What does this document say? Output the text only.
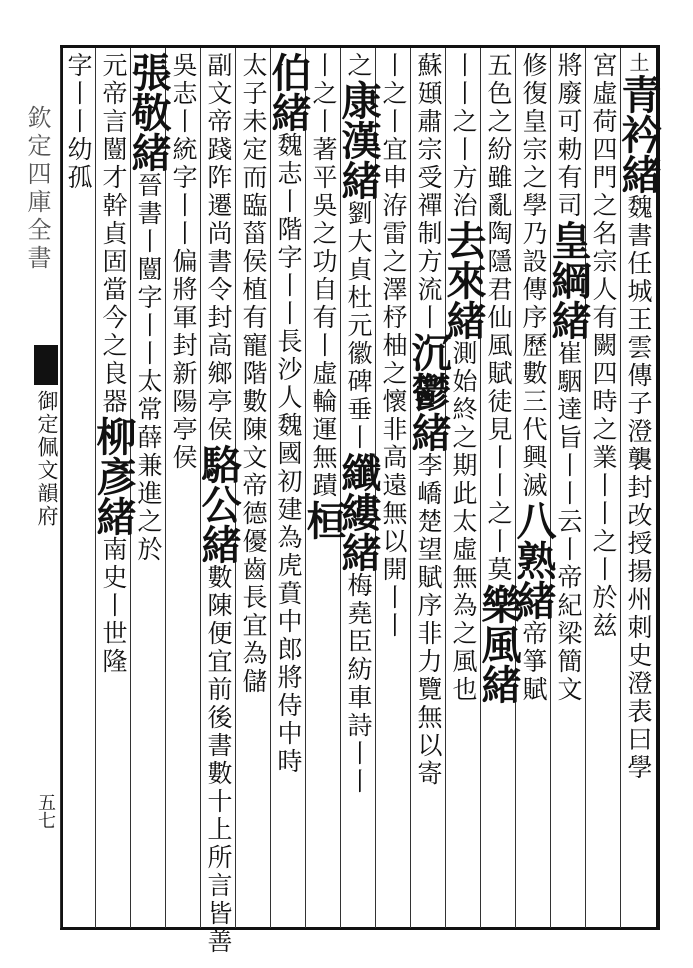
欽定四庫全書
御定佩文韻府
五七
土青衿緒魏書任城王雲傳子澄襲封改授揚州刺史澄表曰學
宮虛荷四門之名宗人有闕四時之業丨丨之丨於兹
將廢可勅有司皇綱緒崔駰達旨丨丨云丨帝紀梁簡文
修復皇宗之學乃設傳序歷數三代興滅八熟緒帝箏賦
五色之紛雖亂陶隱君仙風賦徒見丨丨之丨莫樂風緒
丨丨之丨方治去來緒測始終之期此太虛無為之風也
蘇頲肅宗受禪制方流丨沉鬱緒李嶠楚望賦序非力覽無以寄
丨之丨宜申洊雷之澤杼柚之懷非高遠無以開丨丨
之康漢緒劉大貞杜元徽碑垂丨纖縷緒梅堯臣紡車詩丨丨
丨之丨著平吳之功自有丨虛輪運無蹟桓
伯緒魏志丨階字丨丨長沙人魏國初建為虎賁中郎將侍中時
太子未定而臨菑侯植有寵階數陳文帝德優齒長宜為儲
副文帝踐阼遷尚書令封高鄉亭侯駱公緒數陳便宜前後書數十上所言皆善
吳志丨統字丨丨偏將軍封新陽亭侯
張敬緒晉書丨闓字丨丨太常薛兼進之於
元帝言闓才幹貞固當今之良器柳彥緒南史丨世隆
字丨丨幼孤
